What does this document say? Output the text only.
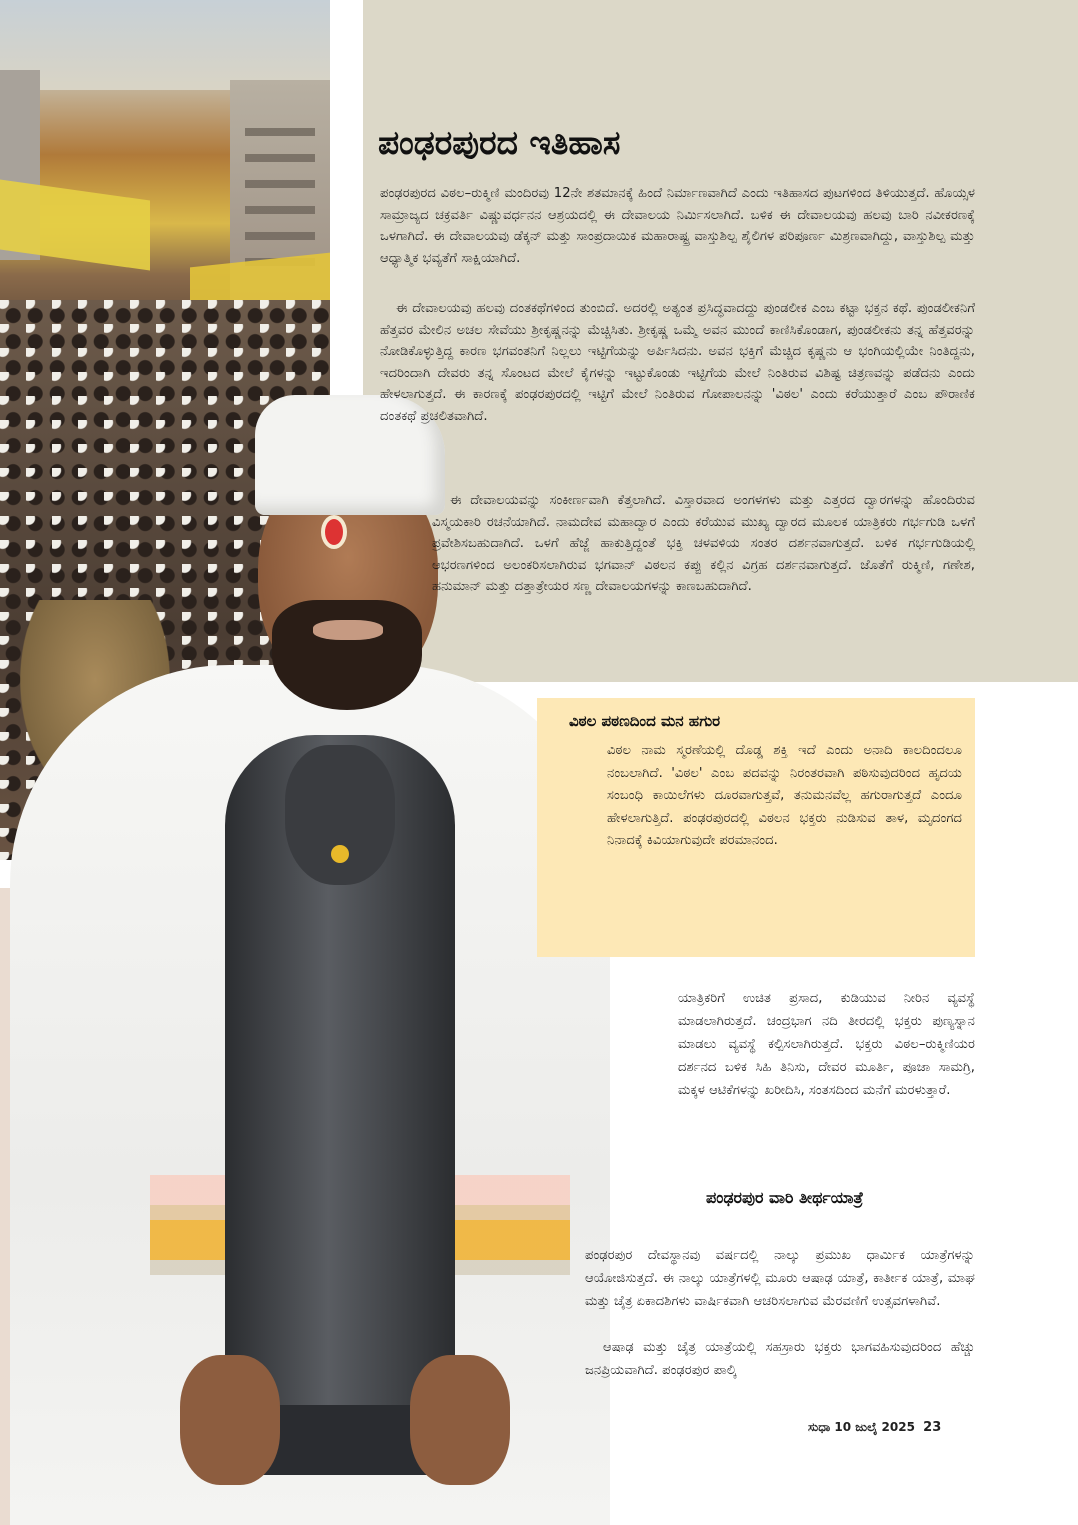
ಪಂಢರಪುರದ ಇತಿಹಾಸ

ಪಂಢರಪುರದ ವಿಠಲ–ರುಕ್ಮಿಣಿ ಮಂದಿರವು 12ನೇ ಶತಮಾನಕ್ಕೆ ಹಿಂದೆ ನಿರ್ಮಾಣವಾಗಿದೆ ಎಂದು ಇತಿಹಾಸದ ಪುಟಗಳಿಂದ ತಿಳಿಯುತ್ತದೆ. ಹೊಯ್ಸಳ ಸಾಮ್ರಾಜ್ಯದ ಚಕ್ರವರ್ತಿ ವಿಷ್ಣುವರ್ಧನನ ಆಶ್ರಯದಲ್ಲಿ ಈ ದೇವಾಲಯ ನಿರ್ಮಿಸಲಾಗಿದೆ. ಬಳಿಕ ಈ ದೇವಾಲಯವು ಹಲವು ಬಾರಿ ನವೀಕರಣಕ್ಕೆ ಒಳಗಾಗಿದೆ. ಈ ದೇವಾಲಯವು ಡೆಕ್ಕನ್ ಮತ್ತು ಸಾಂಪ್ರದಾಯಿಕ ಮಹಾರಾಷ್ಟ್ರ ವಾಸ್ತುಶಿಲ್ಪ ಶೈಲಿಗಳ ಪರಿಪೂರ್ಣ ಮಿಶ್ರಣವಾಗಿದ್ದು, ವಾಸ್ತುಶಿಲ್ಪ ಮತ್ತು ಆಧ್ಯಾತ್ಮಿಕ ಭವ್ಯತೆಗೆ ಸಾಕ್ಷಿಯಾಗಿದೆ.

ಈ ದೇವಾಲಯವು ಹಲವು ದಂತಕಥೆಗಳಿಂದ ತುಂಬಿದೆ. ಅದರಲ್ಲಿ ಅತ್ಯಂತ ಪ್ರಸಿದ್ಧವಾದದ್ದು ಪುಂಡಲೀಕ ಎಂಬ ಕಟ್ಟಾ ಭಕ್ತನ ಕಥೆ. ಪುಂಡಲೀಕನಿಗೆ ಹೆತ್ತವರ ಮೇಲಿನ ಅಚಲ ಸೇವೆಯು ಶ್ರೀಕೃಷ್ಣನನ್ನು ಮೆಚ್ಚಿಸಿತು. ಶ್ರೀಕೃಷ್ಣ ಒಮ್ಮೆ ಅವನ ಮುಂದೆ ಕಾಣಿಸಿಕೊಂಡಾಗ, ಪುಂಡಲೀಕನು ತನ್ನ ಹೆತ್ತವರನ್ನು ನೋಡಿಕೊಳ್ಳುತ್ತಿದ್ದ ಕಾರಣ ಭಗವಂತನಿಗೆ ನಿಲ್ಲಲು ಇಟ್ಟಿಗೆಯನ್ನು ಅರ್ಪಿಸಿದನು. ಅವನ ಭಕ್ತಿಗೆ ಮೆಚ್ಚಿದ ಕೃಷ್ಣನು ಆ ಭಂಗಿಯಲ್ಲಿಯೇ ನಿಂತಿದ್ದನು, ಇದರಿಂದಾಗಿ ದೇವರು ತನ್ನ ಸೊಂಟದ ಮೇಲೆ ಕೈಗಳನ್ನು ಇಟ್ಟುಕೊಂಡು ಇಟ್ಟಿಗೆಯ ಮೇಲೆ ನಿಂತಿರುವ ವಿಶಿಷ್ಟ ಚಿತ್ರಣವನ್ನು ಪಡೆದನು ಎಂದು ಹೇಳಲಾಗುತ್ತದೆ. ಈ ಕಾರಣಕ್ಕೆ ಪಂಢರಪುರದಲ್ಲಿ ಇಟ್ಟಿಗೆ ಮೇಲೆ ನಿಂತಿರುವ ಗೋಪಾಲನನ್ನು 'ವಿಠಲ' ಎಂದು ಕರೆಯುತ್ತಾರೆ ಎಂಬ ಪೌರಾಣಿಕ ದಂತಕಥೆ ಪ್ರಚಲಿತವಾಗಿದೆ.

ಈ ದೇವಾಲಯವನ್ನು ಸಂಕೀರ್ಣವಾಗಿ ಕೆತ್ತಲಾಗಿದೆ. ವಿಸ್ತಾರವಾದ ಅಂಗಳಗಳು ಮತ್ತು ಎತ್ತರದ ದ್ವಾರಗಳನ್ನು ಹೊಂದಿರುವ ವಿಸ್ಮಯಕಾರಿ ರಚನೆಯಾಗಿದೆ. ನಾಮದೇವ ಮಹಾದ್ವಾರ ಎಂದು ಕರೆಯುವ ಮುಖ್ಯ ದ್ವಾರದ ಮೂಲಕ ಯಾತ್ರಿಕರು ಗರ್ಭಗುಡಿ ಒಳಗೆ ಪ್ರವೇಶಿಸಬಹುದಾಗಿದೆ. ಒಳಗೆ ಹೆಜ್ಜೆ ಹಾಕುತ್ತಿದ್ದಂತೆ ಭಕ್ತಿ ಚಳವಳಿಯ ಸಂತರ ದರ್ಶನವಾಗುತ್ತದೆ. ಬಳಿಕ ಗರ್ಭಗುಡಿಯಲ್ಲಿ ಆಭರಣಗಳಿಂದ ಅಲಂಕರಿಸಲಾಗಿರುವ ಭಗವಾನ್ ವಿಠಲನ ಕಪ್ಪು ಕಲ್ಲಿನ ವಿಗ್ರಹ ದರ್ಶನವಾಗುತ್ತದೆ. ಜೊತೆಗೆ ರುಕ್ಮಿಣಿ, ಗಣೇಶ, ಹನುಮಾನ್ ಮತ್ತು ದತ್ತಾತ್ರೇಯರ ಸಣ್ಣ ದೇವಾಲಯಗಳನ್ನು ಕಾಣಬಹುದಾಗಿದೆ.

ವಿಠಲ ಪಠಣದಿಂದ ಮನ ಹಗುರ

ವಿಠಲ ನಾಮ ಸ್ಮರಣೆಯಲ್ಲಿ ದೊಡ್ಡ ಶಕ್ತಿ ಇದೆ ಎಂದು ಅನಾದಿ ಕಾಲದಿಂದಲೂ ನಂಬಲಾಗಿದೆ. 'ವಿಠಲ' ಎಂಬ ಪದವನ್ನು ನಿರಂತರವಾಗಿ ಪಠಿಸುವುದರಿಂದ ಹೃದಯ ಸಂಬಂಧಿ ಕಾಯಿಲೆಗಳು ದೂರವಾಗುತ್ತವೆ, ತನುಮನವೆಲ್ಲ ಹಗುರಾಗುತ್ತದೆ ಎಂದೂ ಹೇಳಲಾಗುತ್ತಿದೆ. ಪಂಢರಪುರದಲ್ಲಿ ವಿಠಲನ ಭಕ್ತರು ನುಡಿಸುವ ತಾಳ, ಮೃದಂಗದ ನಿನಾದಕ್ಕೆ ಕಿವಿಯಾಗುವುದೇ ಪರಮಾನಂದ.

ಯಾತ್ರಿಕರಿಗೆ ಉಚಿತ ಪ್ರಸಾದ, ಕುಡಿಯುವ ನೀರಿನ ವ್ಯವಸ್ಥೆ ಮಾಡಲಾಗಿರುತ್ತದೆ. ಚಂದ್ರಭಾಗ ನದಿ ತೀರದಲ್ಲಿ ಭಕ್ತರು ಪುಣ್ಯಸ್ನಾನ ಮಾಡಲು ವ್ಯವಸ್ಥೆ ಕಲ್ಪಿಸಲಾಗಿರುತ್ತದೆ. ಭಕ್ತರು ವಿಠಲ–ರುಕ್ಮಿಣಿಯರ ದರ್ಶನದ ಬಳಿಕ ಸಿಹಿ ತಿನಿಸು, ದೇವರ ಮೂರ್ತಿ, ಪೂಜಾ ಸಾಮಗ್ರಿ, ಮಕ್ಕಳ ಆಟಿಕೆಗಳನ್ನು ಖರೀದಿಸಿ, ಸಂತಸದಿಂದ ಮನೆಗೆ ಮರಳುತ್ತಾರೆ.

ಪಂಢರಪುರ ವಾರಿ ತೀರ್ಥಯಾತ್ರೆ

ಪಂಢರಪುರ ದೇವಸ್ಥಾನವು ವರ್ಷದಲ್ಲಿ ನಾಲ್ಕು ಪ್ರಮುಖ ಧಾರ್ಮಿಕ ಯಾತ್ರೆಗಳನ್ನು ಆಯೋಜಿಸುತ್ತದೆ. ಈ ನಾಲ್ಕು ಯಾತ್ರೆಗಳಲ್ಲಿ ಮೂರು ಆಷಾಢ ಯಾತ್ರೆ, ಕಾರ್ತೀಕ ಯಾತ್ರೆ, ಮಾಘ ಮತ್ತು ಚೈತ್ರ ಏಕಾದಶಿಗಳು ವಾರ್ಷಿಕವಾಗಿ ಆಚರಿಸಲಾಗುವ ಮೆರವಣಿಗೆ ಉತ್ಸವಗಳಾಗಿವೆ.

ಆಷಾಢ ಮತ್ತು ಚೈತ್ರ ಯಾತ್ರೆಯಲ್ಲಿ ಸಹಸ್ರಾರು ಭಕ್ತರು ಭಾಗವಹಿಸುವುದರಿಂದ ಹೆಚ್ಚು ಜನಪ್ರಿಯವಾಗಿದೆ. ಪಂಢರಪುರ ಪಾಲ್ಕಿ

ಸುಧಾ 10 ಜುಲೈ 2025 23
